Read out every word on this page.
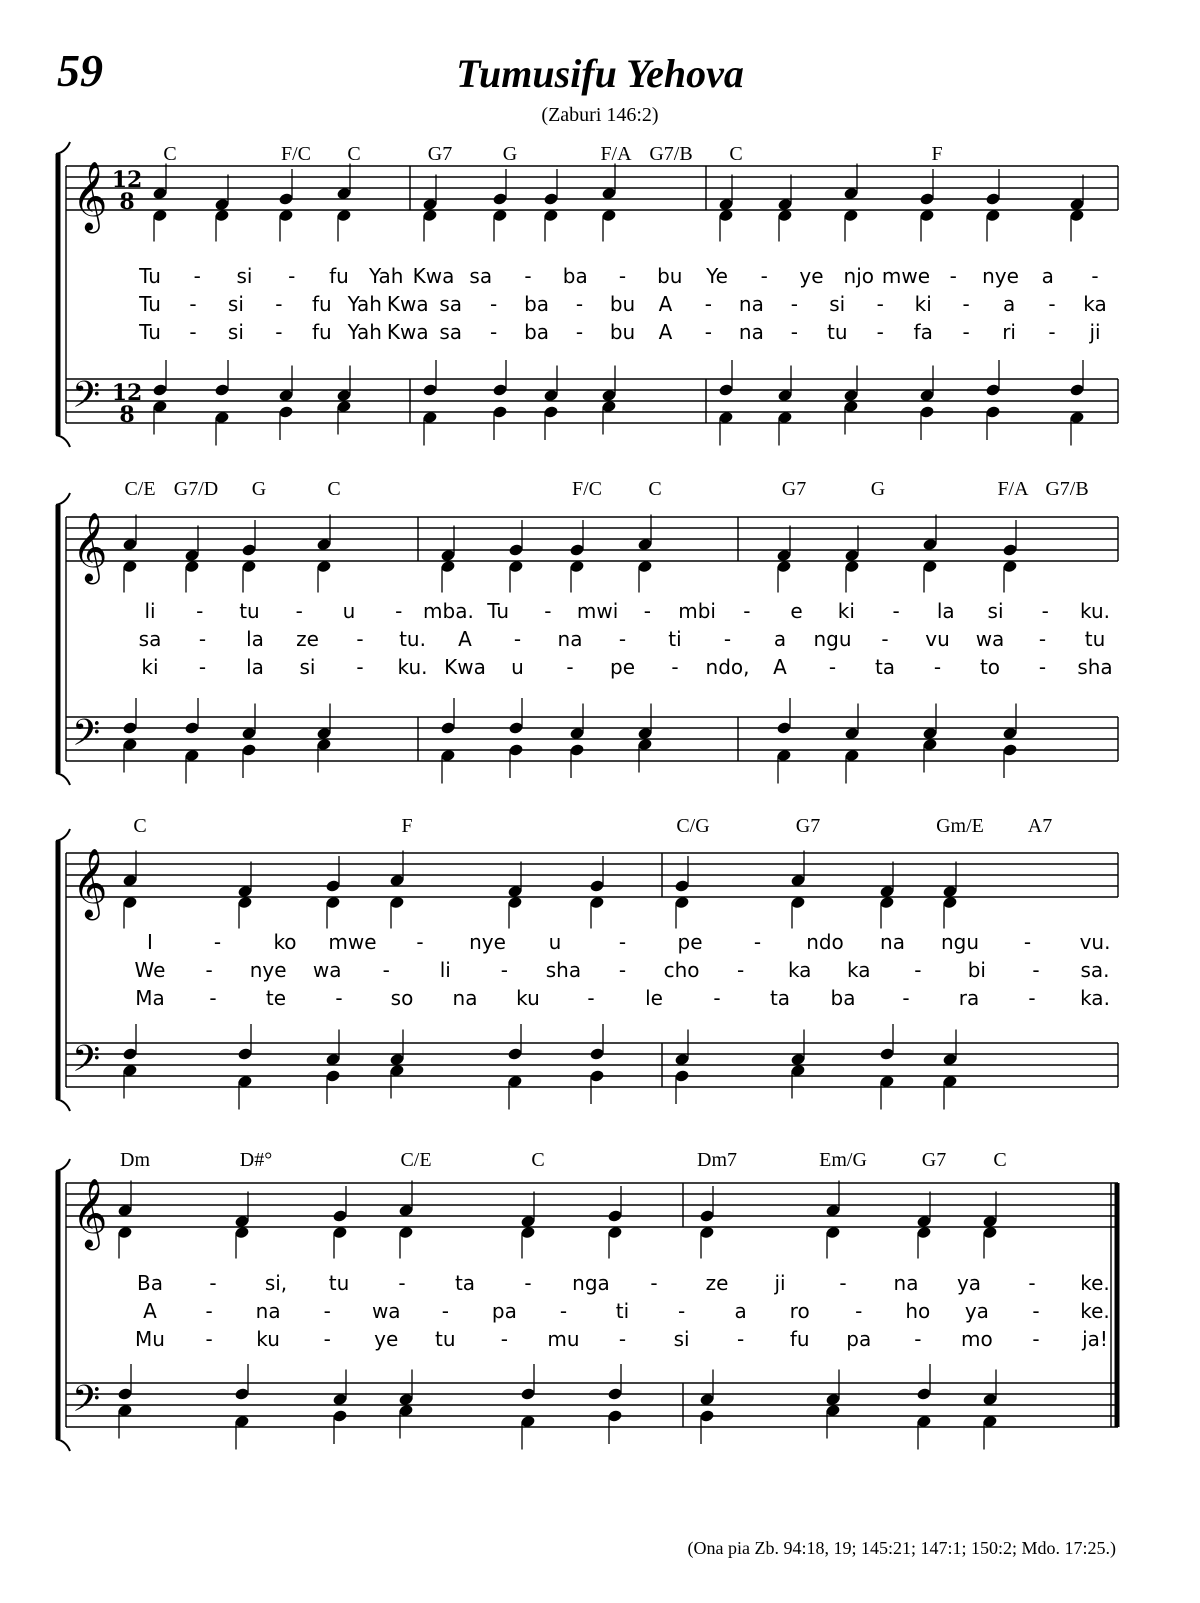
59	Tumusifu Yehova
(Zaburi 146:2)
𝄞
𝄢
12
8
12
8
C	F/C C	G7	G	F/A G7/B C	F
Tu - si - fu Yah Kwa sa - ba - bu Ye - ye njo mwe - nye a -
Tu - si - fu Yah Kwa sa - ba - bu A - na - si - ki - a - ka
Tu - si - fu Yah Kwa sa - ba - bu A - na - tu - fa - ri - ji
𝄞
𝄢
C/E G7/D G	C	F/C C	G7	G	F/A G7/B
li - tu - u - mba. Tu - mwi - mbi - e ki - la si - ku.
sa - la ze - tu. A - na - ti - a ngu - vu wa - tu
ki - la si - ku. Kwa u - pe - ndo, A - ta - to - sha
𝄞
𝄢
C	F	C/G	G7	Gm/E A7
I	-	ko mwe - nye u	-	pe	- ndo na ngu - vu.
We - nye wa - li - sha - cho - ka ka - bi - sa.
Ma - te - so na ku -	le	- ta ba - ra - ka.
𝄞
𝄢
Dm	D#°	C/E	C	Dm7	Em/G	G7 C
Ba - si, tu - ta - nga - ze ji	- na ya - ke.
A - na - wa - pa - ti - a ro - ho ya - ke.
Mu - ku - ye tu - mu - si - fu pa - mo - ja!
(Ona pia Zb. 94:18, 19; 145:21; 147:1; 150:2; Mdo. 17:25.)
